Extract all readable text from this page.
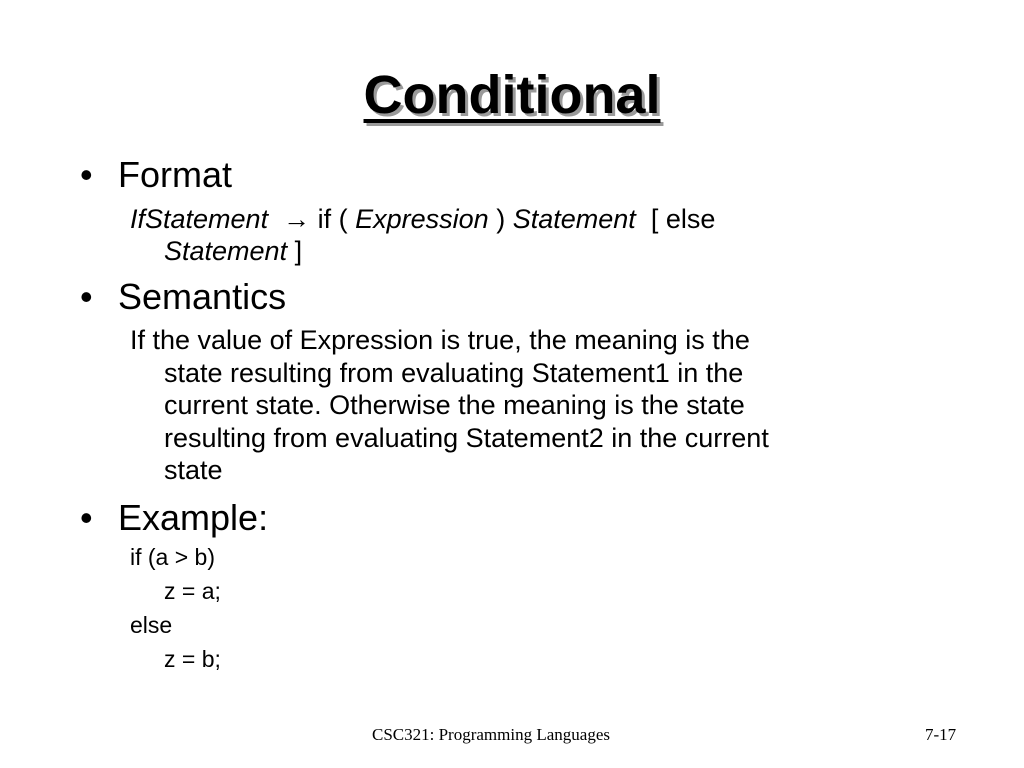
Conditional
• Format
IfStatement → if ( Expression ) Statement [ else
Statement ]
• Semantics
If the value of Expression is true, the meaning is the
state resulting from evaluating Statement1 in the
current state. Otherwise the meaning is the state
resulting from evaluating Statement2 in the current
state
• Example:
if (a > b)
z = a;
else
z = b;
CSC321: Programming Languages	7-17
